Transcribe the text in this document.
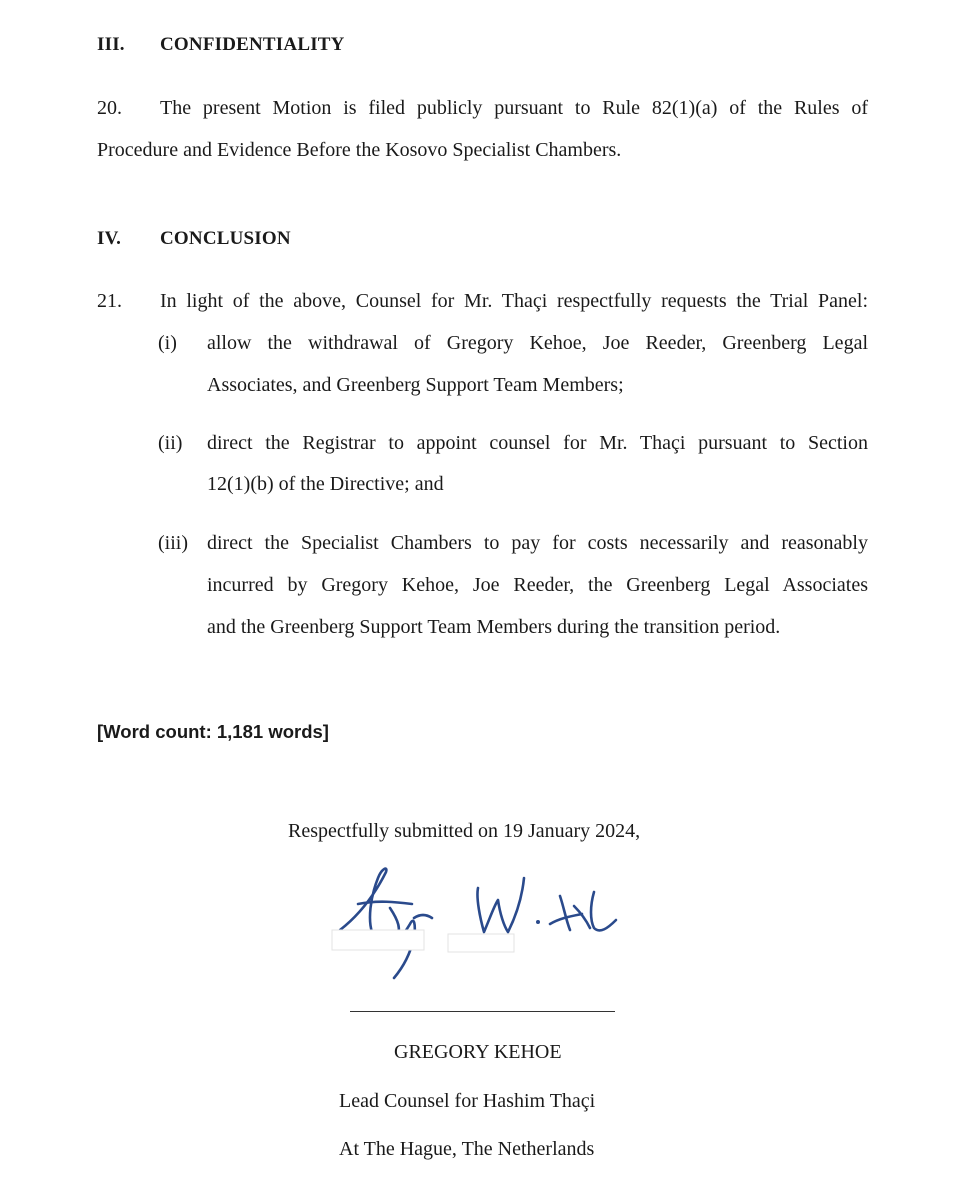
III. CONFIDENTIALITY
20. The present Motion is filed publicly pursuant to Rule 82(1)(a) of the Rules of
Procedure and Evidence Before the Kosovo Specialist Chambers.
IV. CONCLUSION
21. In light of the above, Counsel for Mr. Thaçi respectfully requests the Trial Panel:
(i) allow the withdrawal of Gregory Kehoe, Joe Reeder, Greenberg Legal
Associates, and Greenberg Support Team Members;
(ii) direct the Registrar to appoint counsel for Mr. Thaçi pursuant to Section
12(1)(b) of the Directive; and
(iii) direct the Specialist Chambers to pay for costs necessarily and reasonably
incurred by Gregory Kehoe, Joe Reeder, the Greenberg Legal Associates
and the Greenberg Support Team Members during the transition period.
[Word count: 1,181 words]
Respectfully submitted on 19 January 2024,
GREGORY KEHOE
Lead Counsel for Hashim Thaçi
At The Hague, The Netherlands
